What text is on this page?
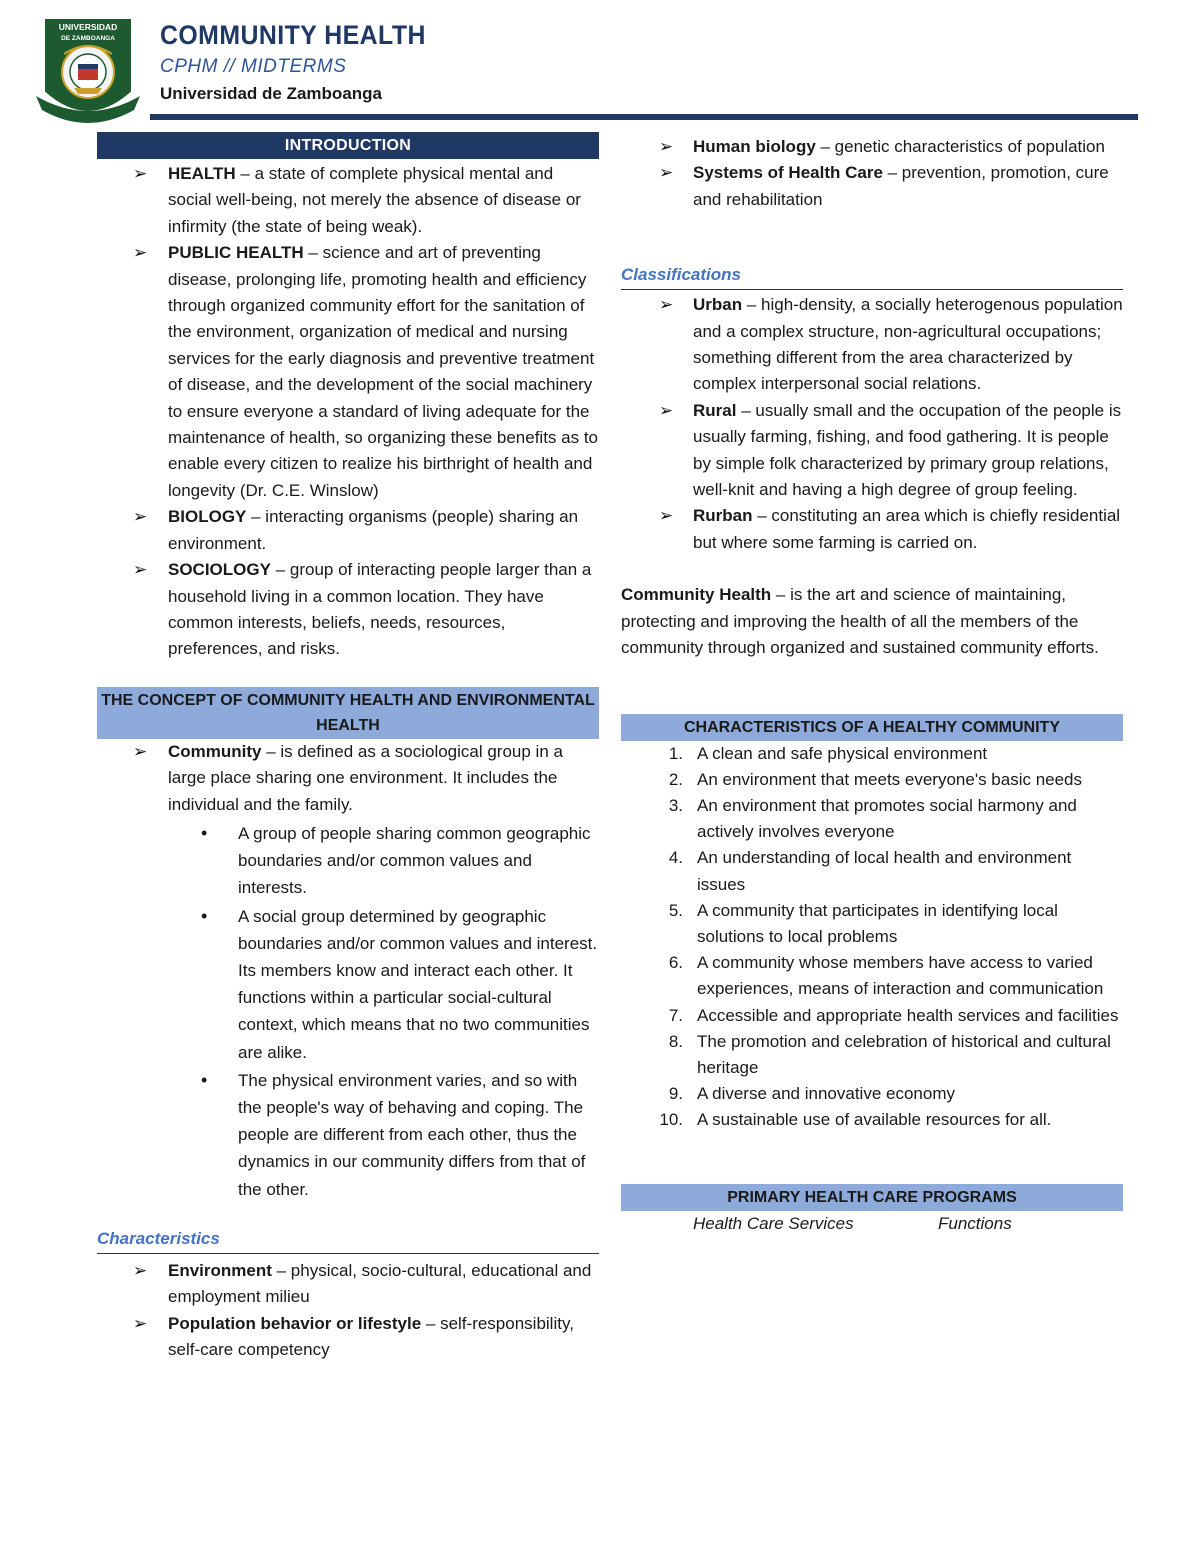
UNIVERSIDAD
DE ZAMBOANGA COMMUNITY HEALTH
CPHM // MIDTERMS
Universidad de Zamboanga
INTRODUCTION
➢ HEALTH – a state of complete physical mental and social well-being, not merely the absence of disease or infirmity (the state of being weak).
➢ PUBLIC HEALTH – science and art of preventing disease, prolonging life, promoting health and efficiency through organized community effort for the sanitation of the environment, organization of medical and nursing services for the early diagnosis and preventive treatment of disease, and the development of the social machinery to ensure everyone a standard of living adequate for the maintenance of health, so organizing these benefits as to enable every citizen to realize his birthright of health and longevity (Dr. C.E. Winslow)
➢ BIOLOGY – interacting organisms (people) sharing an environment.
➢ SOCIOLOGY – group of interacting people larger than a household living in a common location. They have common interests, beliefs, needs, resources, preferences, and risks.
THE CONCEPT OF COMMUNITY HEALTH AND ENVIRONMENTAL HEALTH
➢ Community – is defined as a sociological group in a large place sharing one environment. It includes the individual and the family.
• A group of people sharing common geographic boundaries and/or common values and interests.
• A social group determined by geographic boundaries and/or common values and interest. Its members know and interact each other. It functions within a particular social-cultural context, which means that no two communities are alike.
• The physical environment varies, and so with the people's way of behaving and coping. The people are different from each other, thus the dynamics in our community differs from that of the other.
Characteristics
➢ Environment – physical, socio-cultural, educational and employment milieu
➢ Population behavior or lifestyle – self-responsibility, self-care competency
➢ Human biology – genetic characteristics of population
➢ Systems of Health Care – prevention, promotion, cure and rehabilitation
Classifications
➢ Urban – high-density, a socially heterogenous population and a complex structure, non-agricultural occupations; something different from the area characterized by complex interpersonal social relations.
➢ Rural – usually small and the occupation of the people is usually farming, fishing, and food gathering. It is people by simple folk characterized by primary group relations, well-knit and having a high degree of group feeling.
➢ Rurban – constituting an area which is chiefly residential but where some farming is carried on.
Community Health – is the art and science of maintaining, protecting and improving the health of all the members of the community through organized and sustained community efforts.
CHARACTERISTICS OF A HEALTHY COMMUNITY
1. A clean and safe physical environment
2. An environment that meets everyone's basic needs
3. An environment that promotes social harmony and actively involves everyone
4. An understanding of local health and environment issues
5. A community that participates in identifying local solutions to local problems
6. A community whose members have access to varied experiences, means of interaction and communication
7. Accessible and appropriate health services and facilities
8. The promotion and celebration of historical and cultural heritage
9. A diverse and innovative economy
10. A sustainable use of available resources for all.
PRIMARY HEALTH CARE PROGRAMS
Health Care Services	Functions
